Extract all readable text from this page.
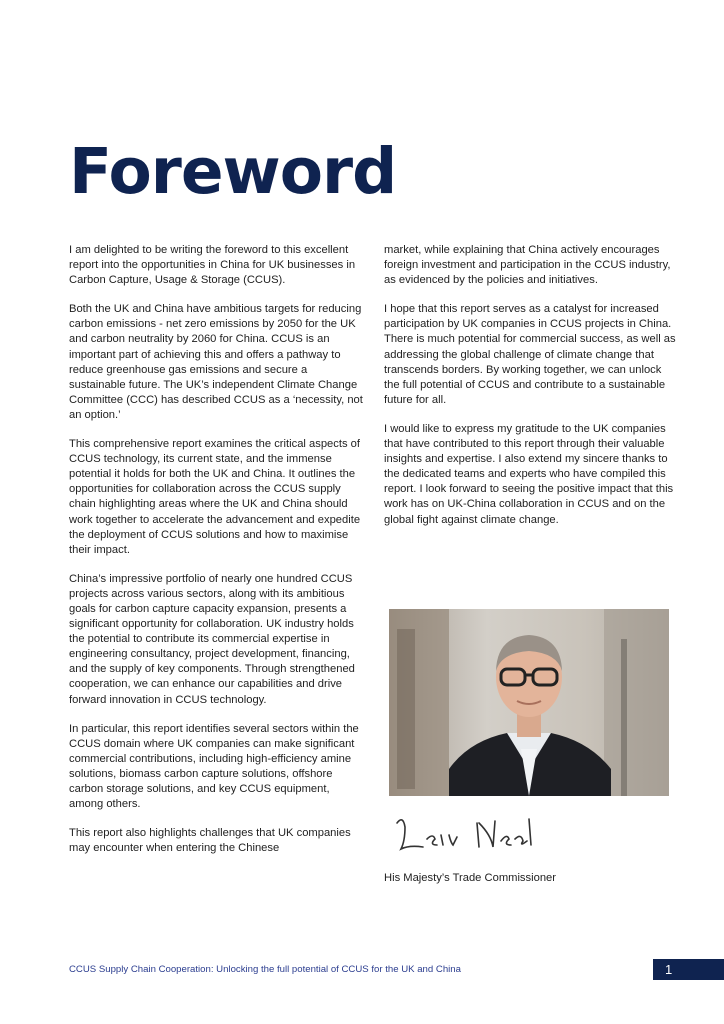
Foreword

I am delighted to be writing the foreword to this excellent report into the opportunities in China for UK businesses in Carbon Capture, Usage & Storage (CCUS).

Both the UK and China have ambitious targets for reducing carbon emissions - net zero emissions by 2050 for the UK and carbon neutrality by 2060 for China. CCUS is an important part of achieving this and offers a pathway to reduce greenhouse gas emissions and secure a sustainable future. The UK’s independent Climate Change Committee (CCC) has described CCUS as a ‘necessity, not an option.’

This comprehensive report examines the critical aspects of CCUS technology, its current state, and the immense potential it holds for both the UK and China. It outlines the opportunities for collaboration across the CCUS supply chain highlighting areas where the UK and China should work together to accelerate the advancement and expedite the deployment of CCUS solutions and how to maximise their impact.

China’s impressive portfolio of nearly one hundred CCUS projects across various sectors, along with its ambitious goals for carbon capture capacity expansion, presents a significant opportunity for collaboration. UK industry holds the potential to contribute its commercial expertise in engineering consultancy, project development, financing, and the supply of key components. Through strengthened cooperation, we can enhance our capabilities and drive forward innovation in CCUS technology.

In particular, this report identifies several sectors within the CCUS domain where UK companies can make significant commercial contributions, including high-efficiency amine solutions, biomass carbon capture solutions, offshore carbon storage solutions, and key CCUS equipment, among others.

This report also highlights challenges that UK companies may encounter when entering the Chinese

market, while explaining that China actively encourages foreign investment and participation in the CCUS industry, as evidenced by the policies and initiatives.

I hope that this report serves as a catalyst for increased participation by UK companies in CCUS projects in China. There is much potential for commercial success, as well as addressing the global challenge of climate change that transcends borders. By working together, we can unlock the full potential of CCUS and contribute to a sustainable future for all.

I would like to express my gratitude to the UK companies that have contributed to this report through their valuable insights and expertise. I also extend my sincere thanks to the dedicated teams and experts who have compiled this report. I look forward to seeing the positive impact that this work has on UK-China collaboration in CCUS and on the global fight against climate change.

His Majesty’s Trade Commissioner

CCUS Supply Chain Cooperation: Unlocking the full potential of CCUS for the UK and China	1
